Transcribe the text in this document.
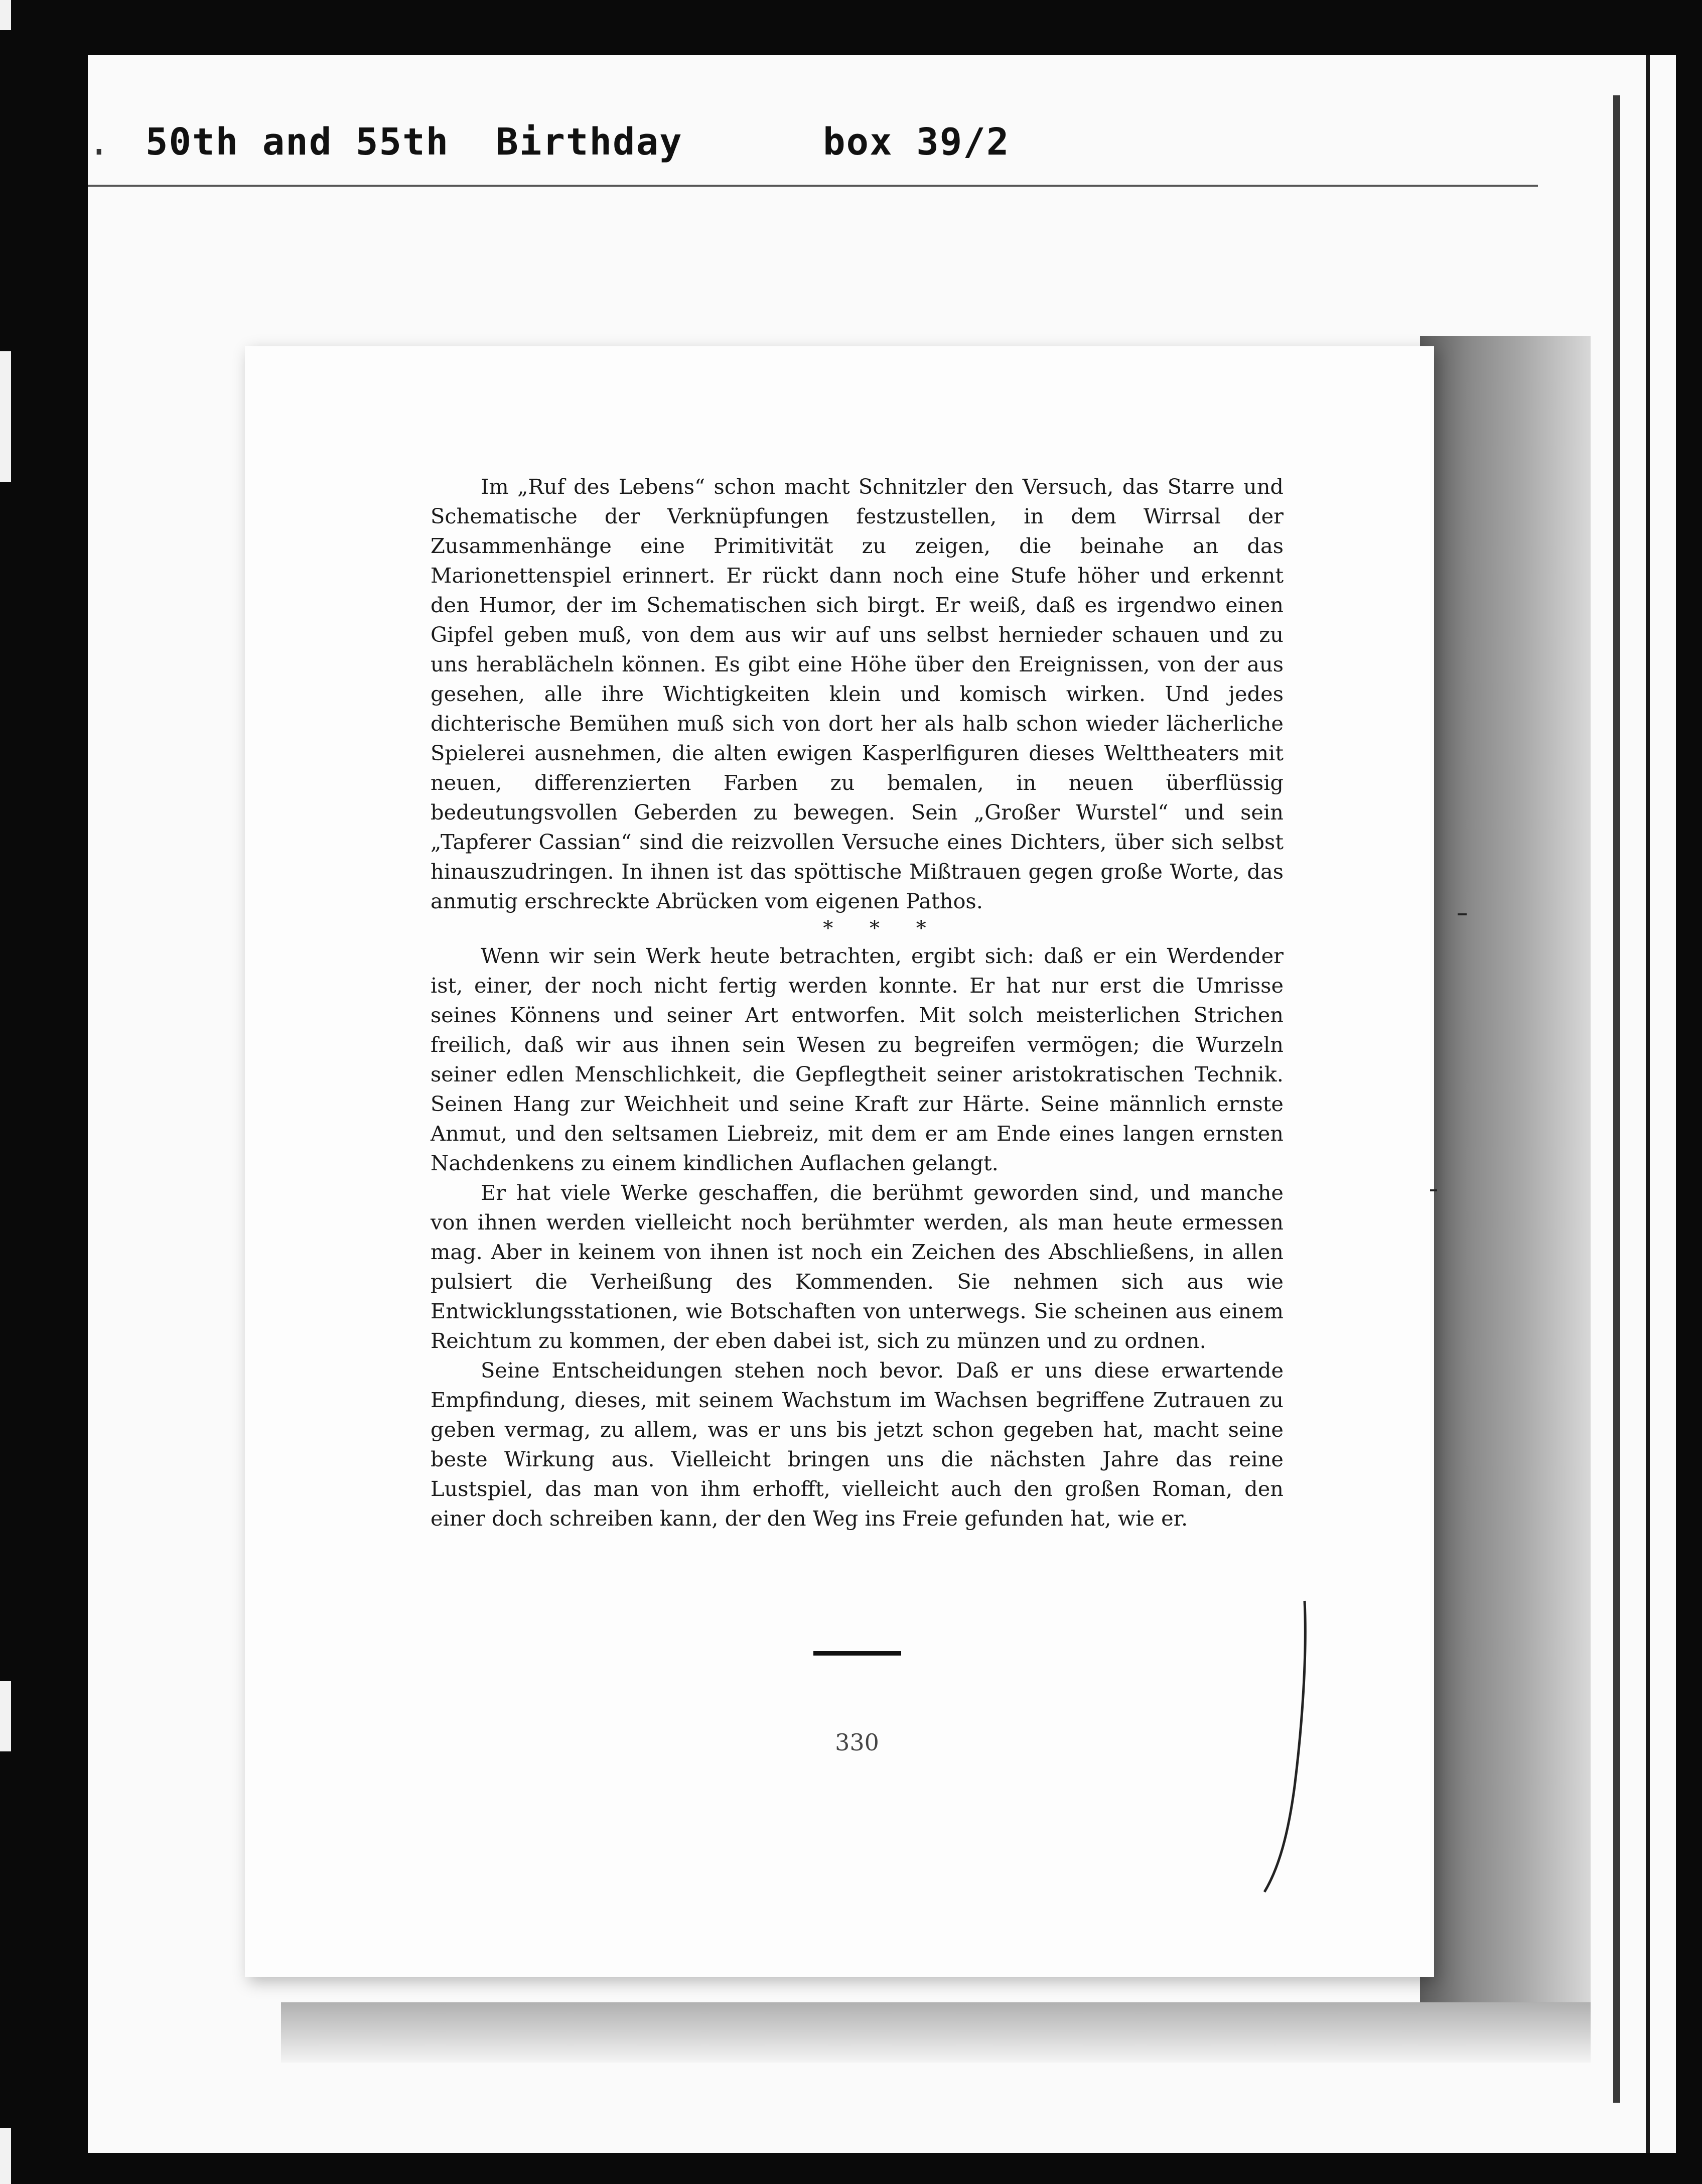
. 50th and 55th  Birthday      box 39/2

Im „Ruf des Lebens“ schon macht Schnitzler den Versuch, das Starre und Schematische der Verknüpfungen festzustellen, in dem Wirrsal der Zusammenhänge eine Primitivität zu zeigen, die beinahe an das Marionettenspiel erinnert. Er rückt dann noch eine Stufe höher und erkennt den Humor, der im Schematischen sich birgt. Er weiß, daß es irgendwo einen Gipfel geben muß, von dem aus wir auf uns selbst hernieder schauen und zu uns herablächeln können. Es gibt eine Höhe über den Ereignissen, von der aus gesehen, alle ihre Wichtigkeiten klein und komisch wirken. Und jedes dichterische Bemühen muß sich von dort her als halb schon wieder lächerliche Spielerei ausnehmen, die alten ewigen Kasperlfiguren dieses Welttheaters mit neuen, differenzierten Farben zu bemalen, in neuen überflüssig bedeutungsvollen Geberden zu bewegen. Sein „Großer Wurstel“ und sein „Tapferer Cassian“ sind die reizvollen Versuche eines Dichters, über sich selbst hinauszudringen. In ihnen ist das spöttische Mißtrauen gegen große Worte, das anmutig erschreckte Abrücken vom eigenen Pathos.

* * *

Wenn wir sein Werk heute betrachten, ergibt sich: daß er ein Werdender ist, einer, der noch nicht fertig werden konnte. Er hat nur erst die Umrisse seines Könnens und seiner Art entworfen. Mit solch meisterlichen Strichen freilich, daß wir aus ihnen sein Wesen zu begreifen vermögen; die Wurzeln seiner edlen Menschlichkeit, die Gepflegtheit seiner aristokratischen Technik. Seinen Hang zur Weichheit und seine Kraft zur Härte. Seine männlich ernste Anmut, und den seltsamen Liebreiz, mit dem er am Ende eines langen ernsten Nachdenkens zu einem kindlichen Auflachen gelangt.

Er hat viele Werke geschaffen, die berühmt geworden sind, und manche von ihnen werden vielleicht noch berühmter werden, als man heute ermessen mag. Aber in keinem von ihnen ist noch ein Zeichen des Abschließens, in allen pulsiert die Verheißung des Kommenden. Sie nehmen sich aus wie Entwicklungsstationen, wie Botschaften von unterwegs. Sie scheinen aus einem Reichtum zu kommen, der eben dabei ist, sich zu münzen und zu ordnen.

Seine Entscheidungen stehen noch bevor. Daß er uns diese erwartende Empfindung, dieses, mit seinem Wachstum im Wachsen begriffene Zutrauen zu geben vermag, zu allem, was er uns bis jetzt schon gegeben hat, macht seine beste Wirkung aus. Vielleicht bringen uns die nächsten Jahre das reine Lustspiel, das man von ihm erhofft, vielleicht auch den großen Roman, den einer doch schreiben kann, der den Weg ins Freie gefunden hat, wie er.

330
